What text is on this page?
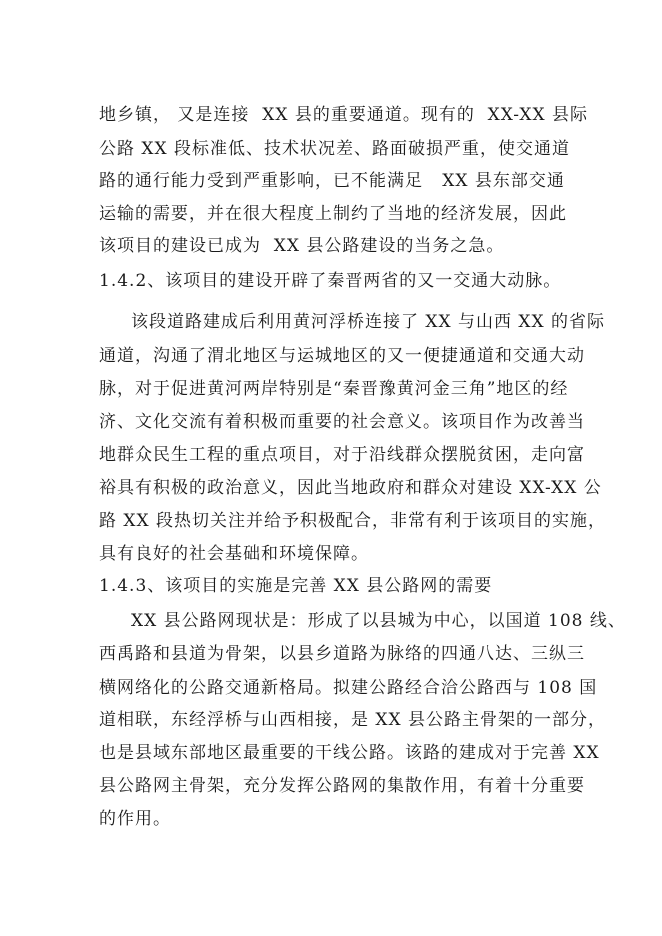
地乡镇， 又是连接  XX 县的重要通道。现有的  XX-XX 县际
公路 XX 段标准低、技术状况差、路面破损严重，使交通道
路的通行能力受到严重影响，已不能满足   XX 县东部交通
运输的需要，并在很大程度上制约了当地的经济发展，因此
该项目的建设已成为  XX 县公路建设的当务之急。
1.4.2、该项目的建设开辟了秦晋两省的又一交通大动脉。
该段道路建成后利用黄河浮桥连接了 XX 与山西 XX 的省际
通道，沟通了渭北地区与运城地区的又一便捷通道和交通大动
脉，对于促进黄河两岸特别是“秦晋豫黄河金三角”地区的经
济、文化交流有着积极而重要的社会意义。该项目作为改善当
地群众民生工程的重点项目，对于沿线群众摆脱贫困，走向富
裕具有积极的政治意义，因此当地政府和群众对建设 XX-XX 公
路 XX 段热切关注并给予积极配合，非常有利于该项目的实施，
具有良好的社会基础和环境保障。
1.4.3、该项目的实施是完善 XX 县公路网的需要
XX 县公路网现状是：形成了以县城为中心，以国道 108 线、
西禹路和县道为骨架，以县乡道路为脉络的四通八达、三纵三
横网络化的公路交通新格局。拟建公路经合洽公路西与 108 国
道相联，东经浮桥与山西相接，是 XX 县公路主骨架的一部分，
也是县域东部地区最重要的干线公路。该路的建成对于完善 XX
县公路网主骨架，充分发挥公路网的集散作用，有着十分重要
的作用。
